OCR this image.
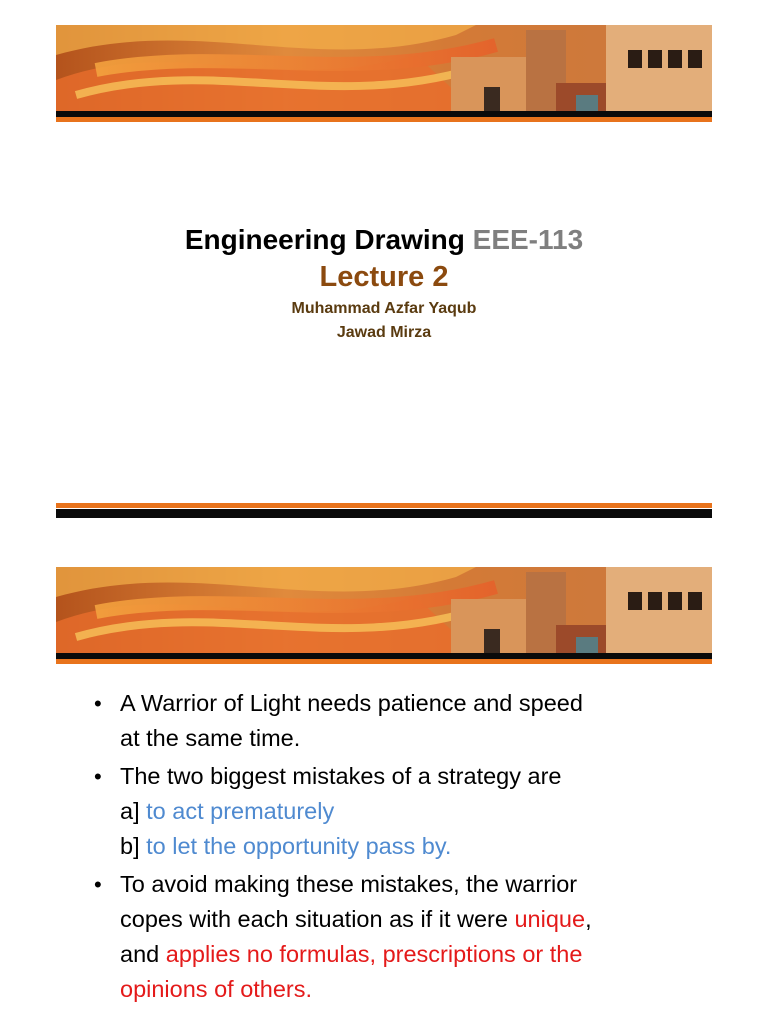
Engineering Drawing EEE-113
Lecture 2
Muhammad Azfar Yaqub
Jawad Mirza
• A Warrior of Light needs patience and speed
at the same time.
• The two biggest mistakes of a strategy are
a] to act prematurely
b] to let the opportunity pass by.
• To avoid making these mistakes, the warrior
copes with each situation as if it were unique,
and applies no formulas, prescriptions or the
opinions of others.
